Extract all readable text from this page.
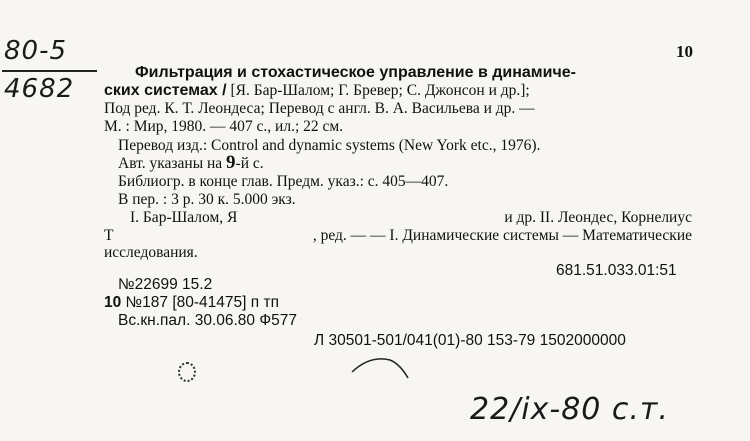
80-5
4682
10
Фильтрация и стохастическое управление в динамиче-
ских системах / [Я. Бар-Шалом; Г. Бревер; С. Джонсон и др.];
Под ред. К. Т. Леондеса; Перевод с англ. В. А. Васильева и др. —
М. : Мир, 1980. — 407 с., ил.; 22 см.
Перевод изд.: Control and dynamic systems (New York etc., 1976).
Авт. указаны на 9-й с.
Библиогр. в конце глав. Предм. указ.: с. 405—407.
В пер. : 3 р. 30 к. 5.000 экз.
I. Бар-Шалом, Я	и др. II. Леондес, Корнелиус
Т	, ред. — — I. Динамические системы — Математические
исследования.
681.51.033.01:51
№22699 15.2
10 №187 [80-41475] п тп
Вс.кн.пал. 30.06.80 Ф577
Л 30501-501/041(01)-80 153-79 1502000000
22/ix-80 с.т.
